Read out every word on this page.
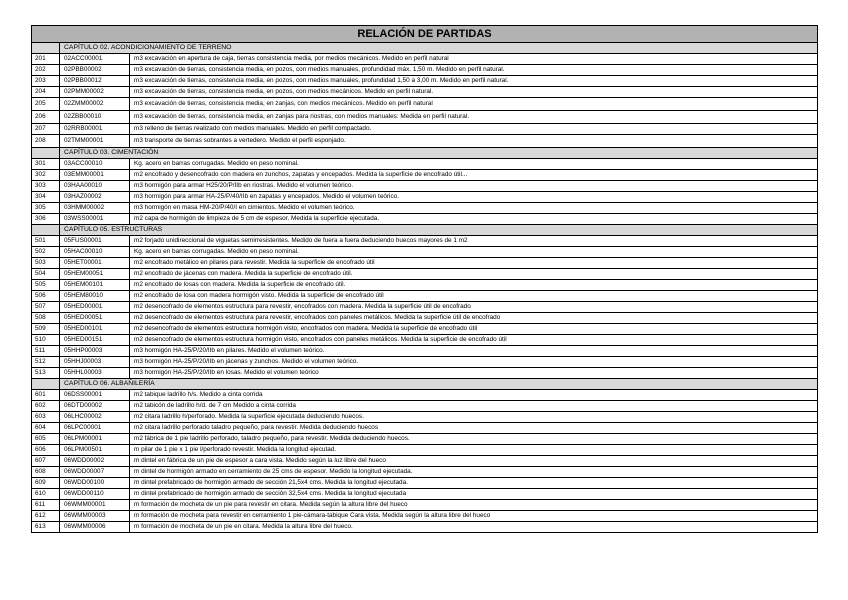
RELACIÓN DE PARTIDAS		
	CAPÍTULO 02. ACONDICIONAMIENTO DE TERRENO	
201	02ACC00001	m3 excavación en apertura de caja, tierras consistencia media, por medios mecánicos. Medido en perfil natural
202	02PBB00002	m3 excavación de tierras, consistencia media, en pozos, con medios manuales, profundidad máx. 1,50 m. Medido en perfil natural.
203	02PBB00012	m3 excavación de tierras, consistencia media, en pozos, con medios manuales, profundidad 1,50 a 3,00 m. Medido en perfil natural.
204	02PMM00002	m3 excavación de tierras, consistencia media, en pozos, con medios mecánicos. Medido en perfil natural.
205	02ZMM00002	m3 excavación de tierras, consistencia media, en zanjas, con medios mecánicos. Medido en perfil natural
206	02ZBB00010	m3 excavación de tierras, consistencia media, en zanjas para riostras, con medios manuales: Medida en perfil natural.
207	02RRB00001	m3 relleno de tierras realizado con medios manuales. Medido en perfil compactado.
208	02TMM00001	m3 transporte de tierras sobrantes a vertedero. Medido el perfil esponjado.
	CAPÍTULO 03. CIMENTACIÓN	
301	03ACC00010	Kg. acero en barras corrugadas. Medido en peso nominal.
302	03EMM00001	m2 encofrado y desencofrado con madera en zunchos, zapatas y encepados. Medida la superficie de encofrado útil...
303	03HAA00010	m3 hormigón para armar H25/20/P/IIb en riostras. Medido el volumen teórico.
304	03HAZ00002	m3 hormigón para armar HA-25/P/40/IIb en zapatas y encepados. Medido el volumen teórico.
305	03HMM00002	m3 hormigón en masa HM-20/P/40/I en cimientos. Medido el volumen teórico.
306	03WSS00001	m2 capa de hormigón de limpieza de 5 cm de espesor. Medida la superficie ejecutada.
	CAPÍTULO 05. ESTRUCTURAS	
501	05FUS00001	m2 forjado unidireccional de viguetas semirresistentes. Medido de fuera a fuera deduciendo huecos mayores de 1 m2
502	05HAC00010	Kg. acero en barras corrugadas. Medido en peso nominal.
503	05HET00001	m2 encofrado metálico en pilares para revestir. Medida la superficie de encofrado útil
504	05HEM00051	m2 encofrado de jácenas con madera. Medida la superficie de encofrado útil.
505	05HEM00101	m2 encofrado de losas con madera. Medida la superficie de encofrado útil.
506	05HEM80010	m2 encofrado de losa con madera hormigón visto. Medida la superficie de encofrado útil
507	05HED00001	m2 desencofrado de elementos estructura para revestir, encofrados con madera. Medida la superficie útil de encofrado
508	05HED00051	m2 desencofrado de elementos estructura para revestir, encofrados con paneles metálicos. Medida la superficie útil de encofrado
509	05HED00101	m2 desencofrado de elementos estructura hormigón visto, encofrados con madera. Medida la superficie de encofrado útil
510	05HED00151	m2 desencofrado de elementos estructura hormigón visto, encofrados con paneles metálicos. Medida la superficie de encofrado útil
511	05HHP00003	m3 hormigón HA-25/P/20/IIb en pilares. Medido el volumen teórico.
512	05HHJ00003	m3 hormigón HA-25/P/20/IIb en jácenas y zunchos. Medido el volumen teórico.
513	05HHL00003	m3 hormigón HA-25/P/20/IIb en losas. Medido el volumen teórico
	CAPÍTULO 06. ALBAÑILERÍA	
601	06DSS00001	m2 tabique ladrillo h/s. Medido a cinta corrida
602	06DTD00002	m2 tabicón de ladrillo h/d. de 7 cm Medido a cinta corrida
603	06LHC00002	m2 citara ladrillo h/perforado. Medida la superficie ejecutada deduciendo huecos.
604	06LPC00001	m2 citara ladrillo perforado taladro pequeño, para revestir. Medida deduciendo huecos
605	06LPM00001	m2 fábrica de 1 pie ladrillo perforado, taladro pequeño, para revestir. Medida deduciendo huecos.
606	06LPM00501	m pilar de 1 pie x 1 pie l/perforado revestir. Medida la longitud ejecutad.
607	06WDD00002	m dintel en fábrica de un pie de espesor a cara vista. Medido según la luz libre del hueco
608	06WDD00007	m dintel de hormigón armado en cerramiento de 25 cms de espesor. Medido la longitud ejecutada.
609	06WDD00100	m dintel prefabricado de hormigón armado de sección 21,5x4 cms. Medida la longitud ejecutada.
610	06WDD00110	m dintel prefabricado de hormigón armado de sección 32,5x4 cms. Medida la longitud ejecutada
611	06WMM00001	m formación de mocheta de un pie para revestir en citara. Medida según la altura libre del hueco
612	06WMM00003	m formación de mocheta para revestir en cerramiento 1 pie-cámara-tabique Cara vista. Medida según la altura libre del hueco
613	06WMM00006	m formación de mocheta de un pie en citara. Medida la altura libre del hueco.
